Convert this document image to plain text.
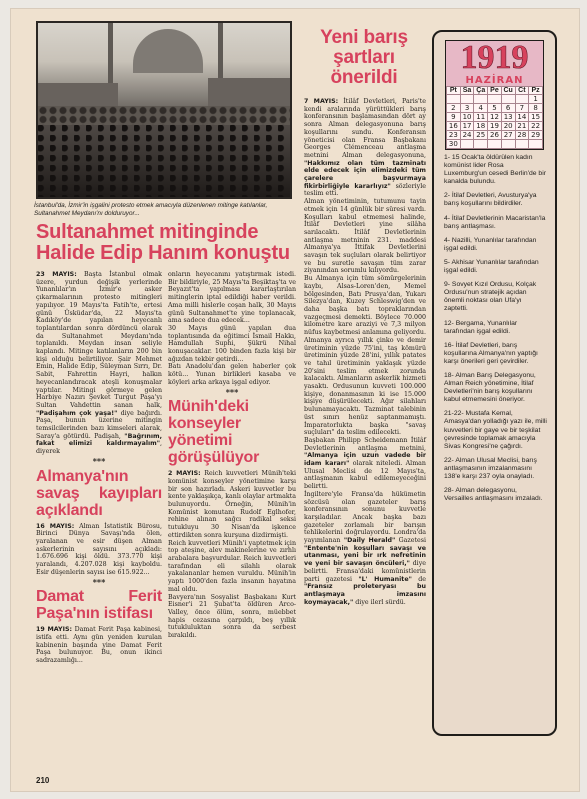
İstanbul'da, İzmir'in işgalini protesto etmek amacıyla düzenlenen mitinge katılanlar, Sultanahmet Meydanı'nı dolduruyor...
Sultanahmet mitinginde Halide Edip Hanım konuştu

23 MAYIS: Başta İstanbul olmak üzere, yurdun değişik yerlerinde Yunanlılar'ın İzmir'e asker çıkarmalarının protesto mitingleri yapılıyor. 19 Mayıs'ta Fatih'te, ertesi günü Üsküdar'da, 22 Mayıs'ta Kadıköy'de yapılan heyecanlı toplantılardan sonra dördüncü olarak da Sultanahmet Meydanı'nda toplanıldı. Meydan insan seliyle kaplandı. Mitinge katılanların 200 bin kişi olduğu belirtiliyor. Şair Mehmet Emin, Halide Edip, Süleyman Sırrı, Dr. Sabit, Fahrettin Hayri, halkın heyecanlandıracak ateşli konuşmalar yaptılar. Mitingi görmeye gelen Harbiye Nazırı Şevket Turgut Paşa'yı Sultan Vahdettin sanan halk, "Padişahım çok yaşa!" diye bağırdı. Paşa, bunun üzerine mitingin temsilcilerinden bazı kimseleri alarak, Saray'a götürdü. Padişah, "Bağrınım, fakat elimizi kaldırmayalım", diyerek

***
Almanya'nın savaş kayıpları açıklandı

16 MAYIS: Alman İstatistik Bürosu, Birinci Dünya Savaşı'nda ölen, yaralanan ve esir düşen Alman askerlerinin sayısını açıkladı: 1.676.696 kişi öldü. 373.770 kişi yaralandı, 4.207.028 kişi kayboldu. Esir düşenlerin sayısı ise 615.922...

***
Damat Ferit Paşa'nın istifası

19 MAYIS: Damat Ferit Paşa kabinesi, istifa etti. Aynı gün yeniden kurulan kabinenin başında yine Damat Ferit Paşa bulunuyor. Bu, onun ikinci sadrazamlığı...

onların heyecanını yatıştırmak istedi. Bir bildiriyle, 25 Mayıs'ta Beşiktaş'ta ve Beyazıt'ta yapılması kararlaştırılan mitinglerin iptal edildiği haber verildi. Ama milli hislerle coşan halk, 30 Mayıs günü Sultanahmet'te yine toplanacak, ama sadece dua edecek...

30 Mayıs günü yapılan dua toplantısında da eğitimci İsmail Hakkı, Hamdullah Suphi, Şükrü Nihal konuşacaklar. 100 binden fazla kişi bir ağızdan tekbir getirdi...

Batı Anadolu'dan gelen haberler çok kötü... Yunan birlikleri kasaba ve köyleri arka arkaya işgal ediyor.

***
Münih'deki konseyler yönetimi görüşülüyor

2 MAYIS: Reich kuvvetleri Münih'teki komünist konseyler yönetimine karşı bir son hazırladı. Askeri kuvvetler bu kente yaklaşıkça, kanlı olaylar artmakta bulunuyordu. Örneğin, Münih'in Komünist komutanı Rudolf Eglhofer, rehine alınan sağcı radikal seksi tutukluyu 30 Nisan'da işkence ettirdikten sonra kurşuna dizdirmişti.

Reich kuvvetleri Münih'i yaptetmek için top ateşine, alev makinelerine ve zırhlı arabalara başvurdular. Reich kuvvetleri tarafından eli silahlı olarak yakalananlar hemen vuruldu. Münih'in yaptı 1000'den fazla insanın hayatına mal oldu.

Bavyera'nın Sosyalist Başbakanı Kurt Eisner'i 21 Şubat'ta öldüren Arco-Valley, önce ölüm, sonra, müebbet hapis cezasına çarpıldı, beş yıllık tutukluluktan sonra da serbest bırakıldı.

Yeni barış şartları önerildi

7 MAYIS: İtilâf Devletleri, Paris'te kendi aralarında yürüttükleri barış konferansının başlamasından dört ay sonra Alman delegasyonuna barış koşullarını sundu. Konferansın yöneticisi olan Fransa Başbakanı Georges Clémenceau antlaşma metnini Alman delegasyonuna, "Hakkımız olan tüm tazminatı elde edecek için elimizdeki tüm çarelere başvurmaya fikirbirliğiyle kararlıyız" sözleriyle teslim etti.

Alman yönetiminin, tutumunu tayin etmek için 14 günlük bir süresi vardı. Koşulları kabul etmemesi halinde, İtilâf Devletleri yine silâha sarılacaktı. İtilâf Devletlerinin antlaşma metninin 231. maddesi Almanya'ya İttifak Devletlerini savaşın tek suçluları olarak belirtiyor ve bu suretle savaşın tüm zarar ziyanından sorumlu kılıyordu.

Bu Almanya için tüm sömürgelerinin kaybı, Alsas-Loren'den, Memel bölgesinden, Batı Prusya'dan, Yukarı Silezya'dan, Kuzey Schleswig'den ve daha başka batı topraklarından vazgeçmesi demekti. Böylece 70.000 kilometre kare araziyi ve 7,3 milyon nüfus kaybetmesi anlamına geliyordu. Almanya ayrıca yıllık çinko ve demir üretiminin yüzde 75'ini, taş kömürü üretiminin yüzde 28'ini, yıllık patates ve tahıl üretiminin yaklaşık yüzde 20'sini teslim etmek zorunda kalacaktı. Almanların askerlik hizmeti yasaktı. Ordusunun kuvveti 100.000 kişiye, donanmasının ki ise 15.000 kişiye düşürülecekti. Ağır silahları bulunamayacaktı. Tazminat talebinin üst sınırı henüz saptanmamıştı. İmparatorlukta başka "savaş suçluları" da teslim edilecekti.

Başbakan Philipp Scheidemann İtilâf Devletlerinin antlaşma metnini, "Almanya için uzun vadede bir idam kararı" olarak niteledi. Alman Ulusal Meclisi de 12 Mayıs'ta, antlaşmanın kabul edilemeyeceğini belirtti.

İngiltere'yle Fransa'da hükümetin sözcüsü olan gazeteler barış konferansının sonunu kuvvetle karşıladılar. Ancak başka bazı gazeteler zorlamalı bir barışın tehlikelerini doğrulayordu. Londra'da yayımlanan "Daily Herald" Gazetesi "Entente'nin koşulları savaşı ve utanması, yeni bir ırk nefretinin ve yeni bir savaşın öncüleri," diye belirtti. Fransa'daki komünistlerin parti gazetesi "L' Humanite" de "Fransız proleteryası bu antlaşmaya imzasını koymayacak," diye ilerl sürdü.

1919
HAZİRAN
Pt	Sa	Ça	Pe	Cu	Ct	Pz
						1
2	3	4	5	6	7	8
9	10	11	12	13	14	15
16	17	18	19	20	21	22
23	24	25	26	27	28	29
30						
1- 15 Ocak'ta öldürülen kadın komünist lider Rosa Luxemburg'un cesedi Berlin'de bir kanalda bulundu.
2- İtilaf Devletleri, Avusturya'ya barış koşullarını bildirdiler.
4- İtilaf Devletlerinin Macaristan'la barış antlaşması.
4- Nazilli, Yunanlılar tarafından işgal edildi.
5- Akhisar Yunanlılar tarafından işgal edildi.
9- Sovyet Kızıl Ordusu, Kolçak Ordusu'nun stratejik açıdan önemli noktası olan Ufa'yı zaptetti.
12- Bergama, Yunanlılar tarafından işgal edildi.
16- İtilaf Devletleri, barış koşullarına Almanya'nın yaptığı karşı önerileri geri çevirdiler.
18- Alman Barış Delegasyonu, Alman Reich yönetimine, İtilaf Devletleri'nin barış koşullarını kabul etmemesini öneriyor.
21-22- Mustafa Kemal, Amasya'dan yolladığı yazı ile, milli kuvvetleri bir gaye ve bir teşkilat çevresinde toplamak amacıyla Sivas Kongresi'ne çağırdı.
22- Alman Ulusal Meclisi, barış antlaşmasının imzalanmasını 138'e karşı 237 oyla onayladı.
28- Alman delegasyonu, Versailles antlaşmasını imzaladı.
210
